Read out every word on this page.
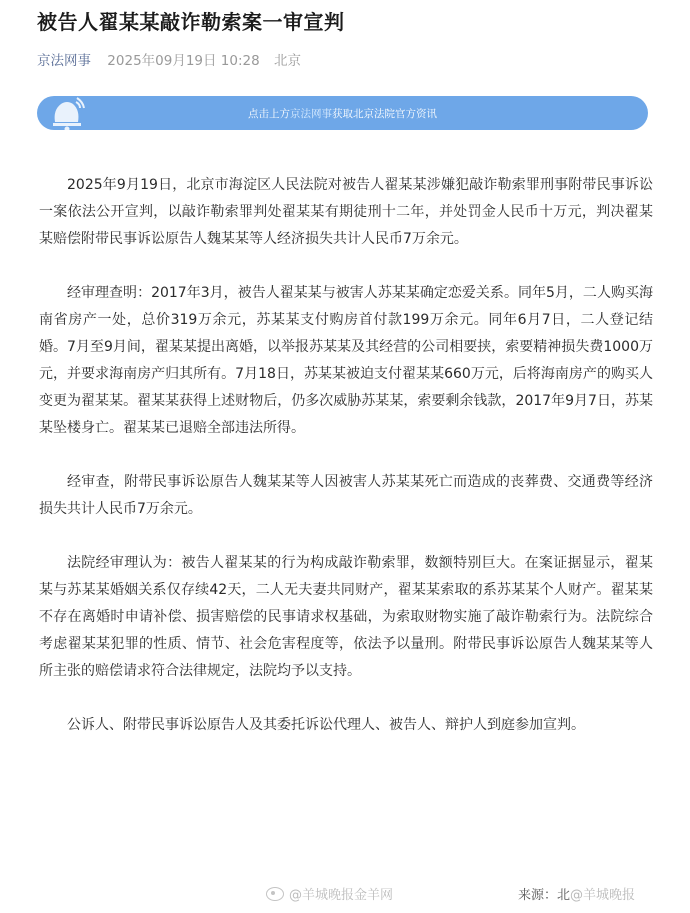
被告人翟某某敲诈勒索案一审宣判
京法网事 2025年09月19日 10:28 北京
点击上方京法网事获取北京法院官方资讯

2025年9月19日，北京市海淀区人民法院对被告人翟某某涉嫌犯敲诈勒索罪刑事附带民事诉讼一案依法公开宣判，以敲诈勒索罪判处翟某某有期徒刑十二年，并处罚金人民币十万元，判决翟某某赔偿附带民事诉讼原告人魏某某等人经济损失共计人民币7万余元。

经审理查明：2017年3月，被告人翟某某与被害人苏某某确定恋爱关系。同年5月，二人购买海南省房产一处，总价319万余元，苏某某支付购房首付款199万余元。同年6月7日，二人登记结婚。7月至9月间，翟某某提出离婚，以举报苏某某及其经营的公司相要挟，索要精神损失费1000万元，并要求海南房产归其所有。7月18日，苏某某被迫支付翟某某660万元，后将海南房产的购买人变更为翟某某。翟某某获得上述财物后，仍多次威胁苏某某，索要剩余钱款，2017年9月7日，苏某某坠楼身亡。翟某某已退赔全部违法所得。

经审查，附带民事诉讼原告人魏某某等人因被害人苏某某死亡而造成的丧葬费、交通费等经济损失共计人民币7万余元。

法院经审理认为：被告人翟某某的行为构成敲诈勒索罪，数额特别巨大。在案证据显示，翟某某与苏某某婚姻关系仅存续42天，二人无夫妻共同财产，翟某某索取的系苏某某个人财产。翟某某不存在离婚时申请补偿、损害赔偿的民事请求权基础，为索取财物实施了敲诈勒索行为。法院综合考虑翟某某犯罪的性质、情节、社会危害程度等，依法予以量刑。附带民事诉讼原告人魏某某等人所主张的赔偿请求符合法律规定，法院均予以支持。

公诉人、附带民事诉讼原告人及其委托诉讼代理人、被告人、辩护人到庭参加宣判。

@羊城晚报金羊网	来源：北@羊城晚报
